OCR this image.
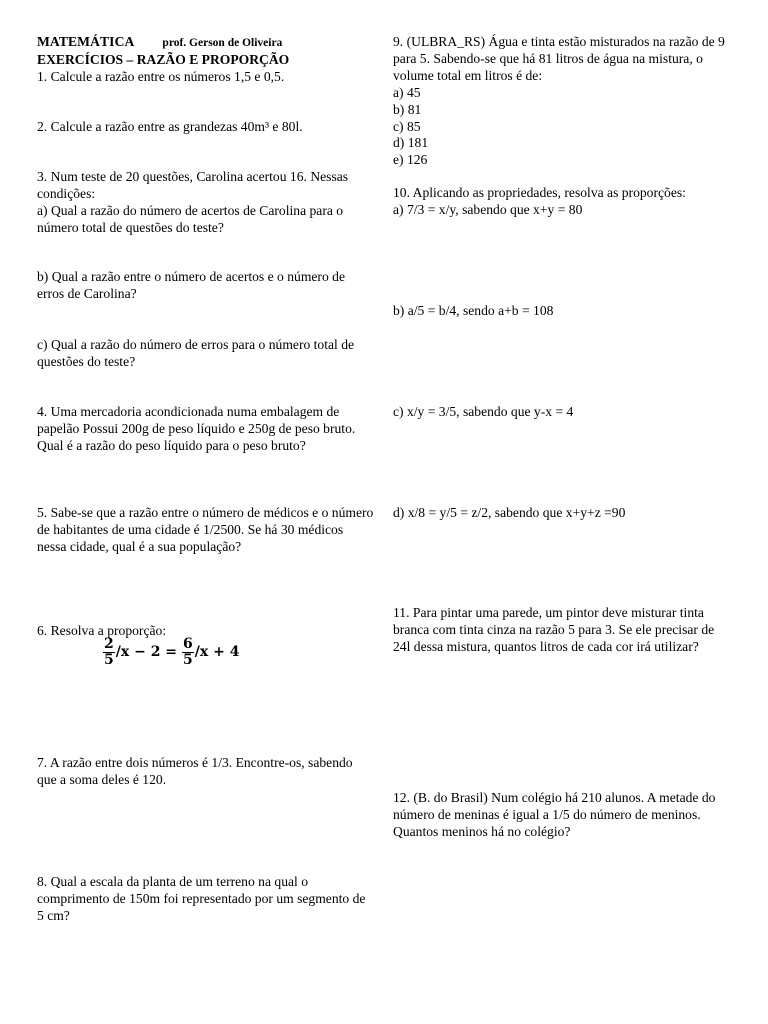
MATEMÁTICA prof. Gerson de Oliveira
EXERCÍCIOS – RAZÃO E PROPORÇÃO

1. Calcule a razão entre os números 1,5 e 0,5.

2. Calcule a razão entre as grandezas 40m³ e 80l.

3. Num teste de 20 questões, Carolina acertou 16. Nessas condições:

a) Qual a razão do número de acertos de Carolina para o número total de questões do teste?

b) Qual a razão entre o número de acertos e o número de erros de Carolina?

c) Qual a razão do número de erros para o número total de questões do teste?

4. Uma mercadoria acondicionada numa embalagem de papelão Possui 200g de peso líquido e 250g de peso bruto. Qual é a razão do peso líquido para o peso bruto?

5. Sabe-se que a razão entre o número de médicos e o número de habitantes de uma cidade é 1/2500. Se há 30 médicos nessa cidade, qual é a sua população?

6. Resolva a proporção:

7. A razão entre dois números é 1/3. Encontre-os, sabendo que a soma deles é 120.

8. Qual a escala da planta de um terreno na qual o comprimento de 150m foi representado por um segmento de 5 cm?

$\frac{2}{5} /x - 2 = \frac{6}{5} /x + 4$

9. (ULBRA_RS) Água e tinta estão misturados na razão de 9 para 5. Sabendo-se que há 81 litros de água na mistura, o volume total em litros é de:

a) 45

b) 81

c) 85

d) 181

e) 126

10. Aplicando as propriedades, resolva as proporções:

a) 7/3 = x/y, sabendo que x+y = 80

b) a/5 = b/4, sendo a+b = 108

c) x/y = 3/5, sabendo que y-x = 4

d) x/8 = y/5 = z/2, sabendo que x+y+z =90

11. Para pintar uma parede, um pintor deve misturar tinta branca com tinta cinza na razão 5 para 3. Se ele precisar de 24l dessa mistura, quantos litros de cada cor irá utilizar?

12. (B. do Brasil) Num colégio há 210 alunos. A metade do número de meninas é igual a 1/5 do número de meninos. Quantos meninos há no colégio?
